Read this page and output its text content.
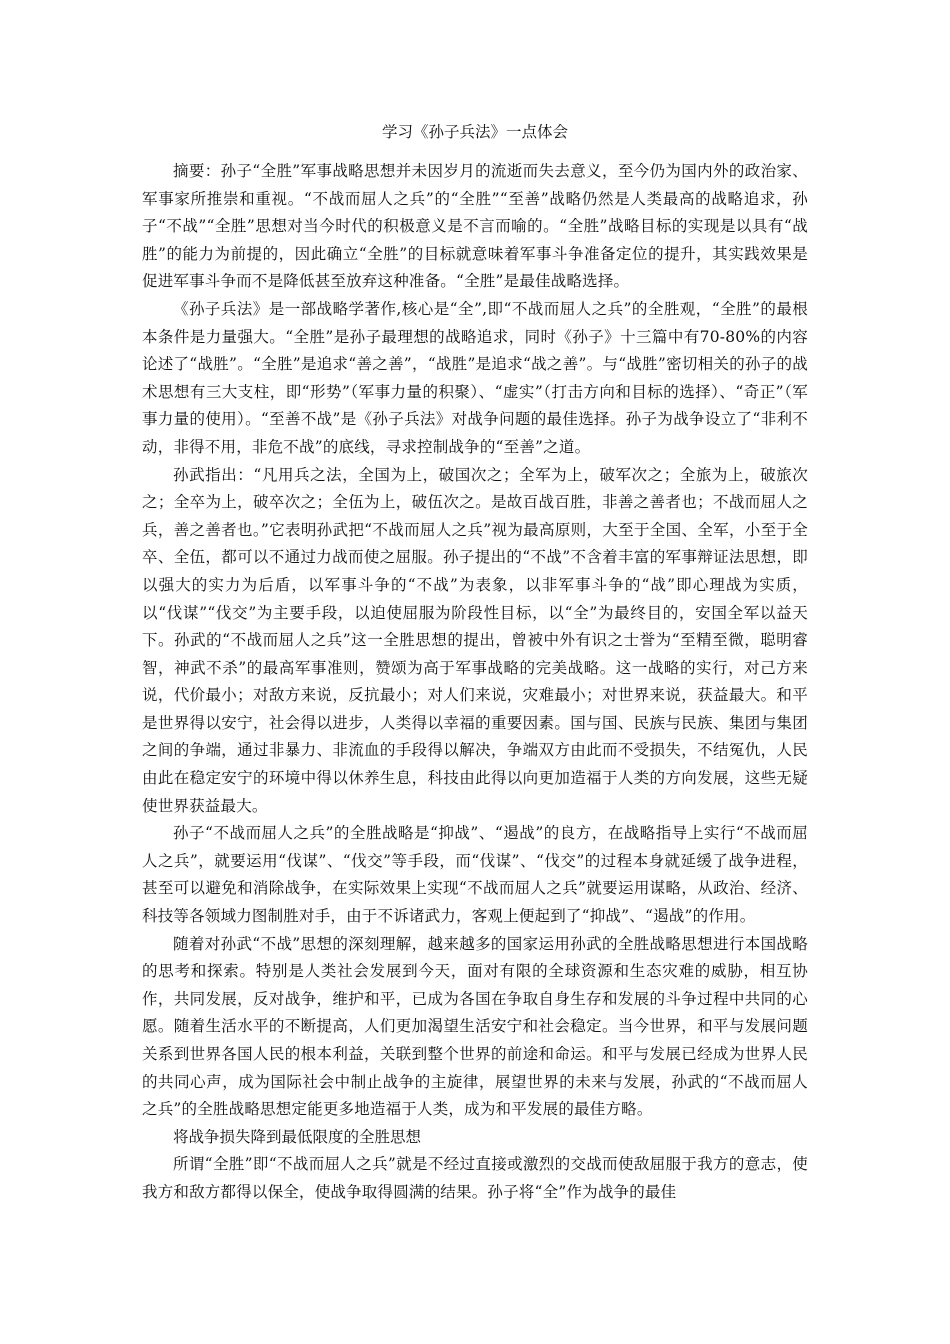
学习《孙子兵法》一点体会

摘要：孙子“全胜”军事战略思想并未因岁月的流逝而失去意义，至今仍为国内外的政治家、军事家所推崇和重视。“不战而屈人之兵”的“全胜”“至善”战略仍然是人类最高的战略追求，孙子“不战”“全胜”思想对当今时代的积极意义是不言而喻的。“全胜”战略目标的实现是以具有“战胜”的能力为前提的，因此确立“全胜”的目标就意味着军事斗争准备定位的提升，其实践效果是促进军事斗争而不是降低甚至放弃这种准备。“全胜”是最佳战略选择。

《孙子兵法》是一部战略学著作,核心是“全”,即“不战而屈人之兵”的全胜观，“全胜”的最根本条件是力量强大。“全胜”是孙子最理想的战略追求，同时《孙子》十三篇中有70-80%的内容论述了“战胜”。“全胜”是追求“善之善”，“战胜”是追求“战之善”。与“战胜”密切相关的孙子的战术思想有三大支柱，即“形势”（军事力量的积聚）、“虚实”（打击方向和目标的选择）、“奇正”（军事力量的使用）。“至善不战”是《孙子兵法》对战争问题的最佳选择。孙子为战争设立了“非利不动，非得不用，非危不战”的底线，寻求控制战争的“至善”之道。

孙武指出：“凡用兵之法，全国为上，破国次之；全军为上，破军次之；全旅为上，破旅次之；全卒为上，破卒次之；全伍为上，破伍次之。是故百战百胜，非善之善者也；不战而屈人之兵，善之善者也。”它表明孙武把“不战而屈人之兵”视为最高原则，大至于全国、全军，小至于全卒、全伍，都可以不通过力战而使之屈服。孙子提出的“不战”不含着丰富的军事辩证法思想，即以强大的实力为后盾，以军事斗争的“不战”为表象，以非军事斗争的“战”即心理战为实质，以“伐谋”“伐交”为主要手段，以迫使屈服为阶段性目标，以“全”为最终目的，安国全军以益天下。孙武的“不战而屈人之兵”这一全胜思想的提出，曾被中外有识之士誉为“至精至微，聪明睿智，神武不杀”的最高军事准则，赞颂为高于军事战略的完美战略。这一战略的实行，对己方来说，代价最小；对敌方来说，反抗最小；对人们来说，灾难最小；对世界来说，获益最大。和平是世界得以安宁，社会得以进步，人类得以幸福的重要因素。国与国、民族与民族、集团与集团之间的争端，通过非暴力、非流血的手段得以解决，争端双方由此而不受损失，不结冤仇，人民由此在稳定安宁的环境中得以休养生息，科技由此得以向更加造福于人类的方向发展，这些无疑使世界获益最大。

孙子“不战而屈人之兵”的全胜战略是“抑战”、“遏战”的良方，在战略指导上实行“不战而屈人之兵”，就要运用“伐谋”、“伐交”等手段，而“伐谋”、“伐交”的过程本身就延缓了战争进程，甚至可以避免和消除战争，在实际效果上实现“不战而屈人之兵”就要运用谋略，从政治、经济、科技等各领域力图制胜对手，由于不诉诸武力，客观上便起到了“抑战”、“遏战”的作用。

随着对孙武“不战”思想的深刻理解，越来越多的国家运用孙武的全胜战略思想进行本国战略的思考和探索。特别是人类社会发展到今天，面对有限的全球资源和生态灾难的威胁，相互协作，共同发展，反对战争，维护和平，已成为各国在争取自身生存和发展的斗争过程中共同的心愿。随着生活水平的不断提高，人们更加渴望生活安宁和社会稳定。当今世界，和平与发展问题关系到世界各国人民的根本利益，关联到整个世界的前途和命运。和平与发展已经成为世界人民的共同心声，成为国际社会中制止战争的主旋律，展望世界的未来与发展，孙武的“不战而屈人之兵”的全胜战略思想定能更多地造福于人类，成为和平发展的最佳方略。

将战争损失降到最低限度的全胜思想

所谓“全胜”即“不战而屈人之兵”就是不经过直接或激烈的交战而使敌屈服于我方的意志，使我方和敌方都得以保全，使战争取得圆满的结果。孙子将“全”作为战争的最佳
